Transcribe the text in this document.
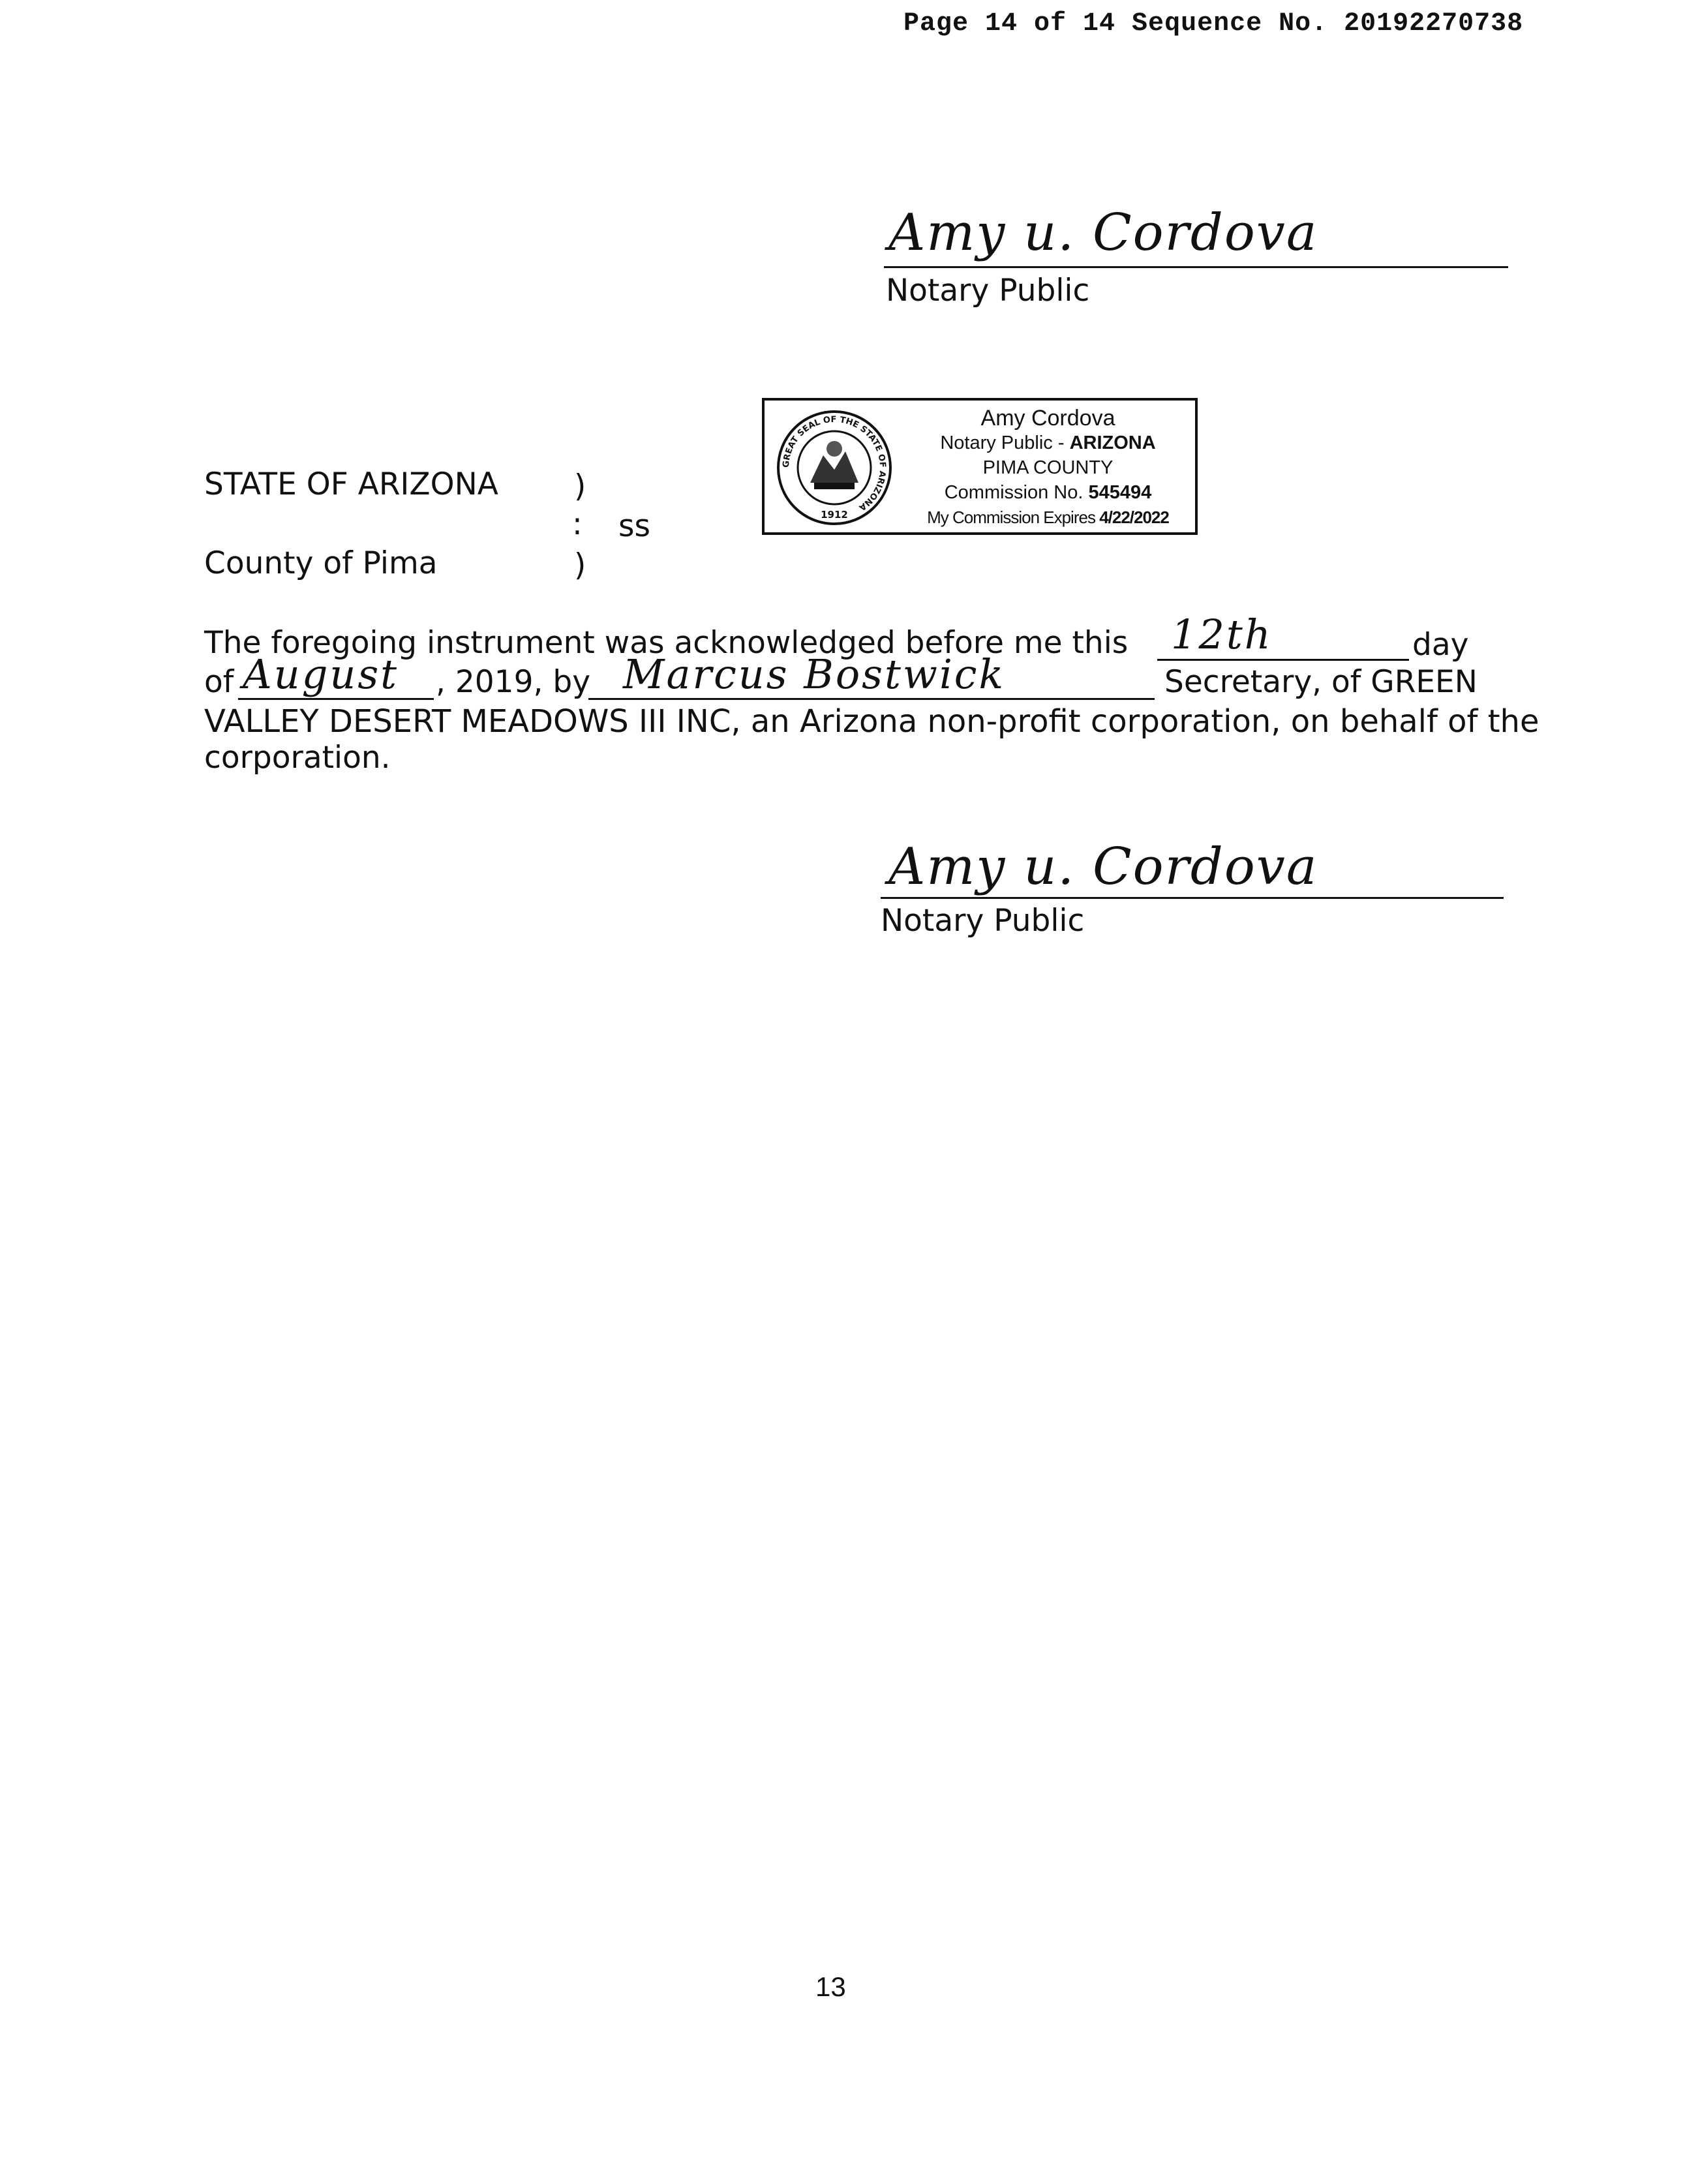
Page 14 of 14 Sequence No. 20192270738
Amy u. Cordova
Notary Public
GREAT SEAL OF THE STATE OF ARIZONA
1912
Amy Cordova
Notary Public - ARIZONA
PIMA COUNTY
Commission No. 545494
My Commission Expires 4/22/2022
STATE OF ARIZONA )
: ss
County of Pima	)
The foregoing instrument was acknowledged before me this 12th	day
of August , 2019, by Marcus Bostwick	Secretary, of GREEN
VALLEY DESERT MEADOWS III INC, an Arizona non-profit corporation, on behalf of the
corporation.
Amy u. Cordova
Notary Public
13
